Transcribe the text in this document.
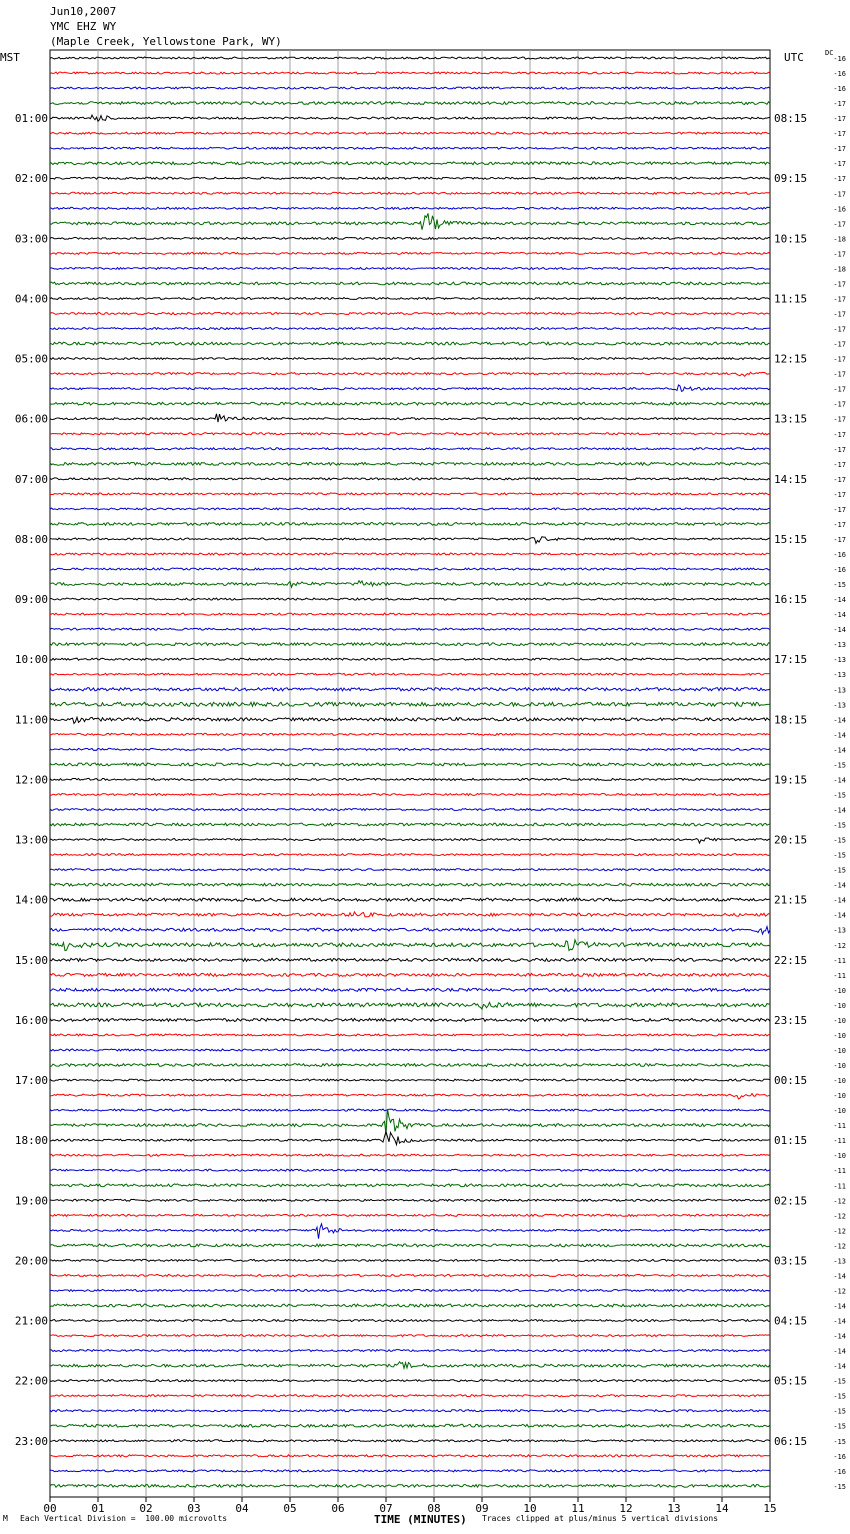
Jun10,2007
YMC EHZ WY
(Maple Creek, Yellowstone Park, WY)
MST	UTC	DC
00	01	02	03	04	05	06	07	08	09	10	11	12	13	14	15
01:00
02:00
03:00
04:00
05:00
06:00
07:00
08:00
09:00
10:00
11:00
12:00
13:00
14:00
15:00
16:00
17:00
18:00
19:00
20:00
21:00
22:00
23:00
08:15
09:15
10:15
11:15
12:15
13:15
14:15
15:15
16:15
17:15
18:15
19:15
20:15
21:15
22:15
23:15
00:15
01:15
02:15
03:15
04:15
05:15
06:15
-16
-16
-16
-17
-17
-17
-17
-17
-17
-17
-16
-17
-18
-17
-18
-17
-17
-17
-17
-17
-17
-17
-17
-17
-17
-17
-17
-17
-17
-17
-17
-17
-17
-16
-16
-15
-14
-14
-14
-13
-13
-13
-13
-13
-14
-14
-14
-15
-14
-15
-14
-15
-15
-15
-15
-14
-14
-14
-13
-12
-11
-11
-10
-10
-10
-10
-10
-10
-10
-10
-10
-11
-11
-10
-11
-11
-12
-12
-12
-12
-13
-14
-12
-14
-14
-14
-14
-14
-15
-15
-15
-15
-15
-16
-16
-15
M Each Vertical Division =  100.00 microvolts	TIME (MINUTES) Traces clipped at plus/minus 5 vertical divisions
